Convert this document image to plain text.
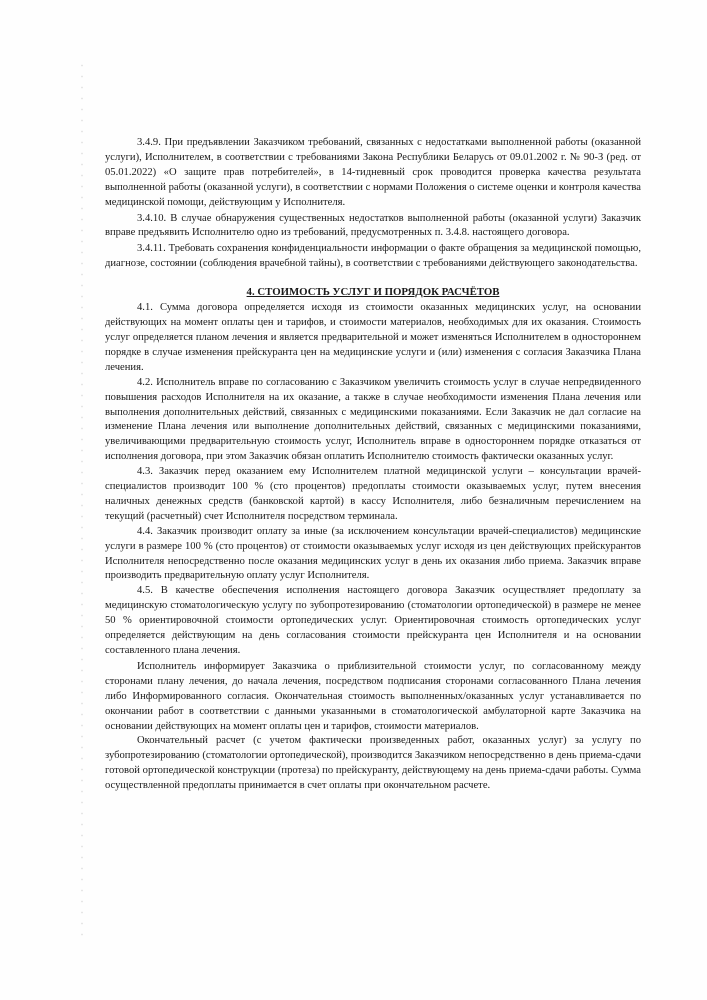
3.4.9. При предъявлении Заказчиком требований, связанных с недостатками выполненной работы (оказанной услуги), Исполнителем, в соответствии с требованиями Закона Республики Беларусь от 09.01.2002 г. № 90-З (ред. от 05.01.2022) «О защите прав потребителей», в 14-тидневный срок проводится проверка качества результата выполненной работы (оказанной услуги), в соответствии с нормами Положения о системе оценки и контроля качества медицинской помощи, действующим у Исполнителя.

3.4.10. В случае обнаружения существенных недостатков выполненной работы (оказанной услуги) Заказчик вправе предъявить Исполнителю одно из требований, предусмотренных п. 3.4.8. настоящего договора.

3.4.11. Требовать сохранения конфиденциальности информации о факте обращения за медицинской помощью, диагнозе, состоянии (соблюдения врачебной тайны), в соответствии с требованиями действующего законодательства.

4. СТОИМОСТЬ УСЛУГ И ПОРЯДОК РАСЧЁТОВ

4.1. Сумма договора определяется исходя из стоимости оказанных медицинских услуг, на основании действующих на момент оплаты цен и тарифов, и стоимости материалов, необходимых для их оказания. Стоимость услуг определяется планом лечения и является предварительной и может изменяться Исполнителем в одностороннем порядке в случае изменения прейскуранта цен на медицинские услуги и (или) изменения с согласия Заказчика Плана лечения.

4.2. Исполнитель вправе по согласованию с Заказчиком увеличить стоимость услуг в случае непредвиденного повышения расходов Исполнителя на их оказание, а также в случае необходимости изменения Плана лечения или выполнения дополнительных действий, связанных с медицинскими показаниями. Если Заказчик не дал согласие на изменение Плана лечения или выполнение дополнительных действий, связанных с медицинскими показаниями, увеличивающими предварительную стоимость услуг, Исполнитель вправе в одностороннем порядке отказаться от исполнения договора, при этом Заказчик обязан оплатить Исполнителю стоимость фактически оказанных услуг.

4.3. Заказчик перед оказанием ему Исполнителем платной медицинской услуги – консультации врачей-специалистов производит 100 % (сто процентов) предоплаты стоимости оказываемых услуг, путем внесения наличных денежных средств (банковской картой) в кассу Исполнителя, либо безналичным перечислением на текущий (расчетный) счет Исполнителя посредством терминала.

4.4. Заказчик производит оплату за иные (за исключением консультации врачей-специалистов) медицинские услуги в размере 100 % (сто процентов) от стоимости оказываемых услуг исходя из цен действующих прейскурантов Исполнителя непосредственно после оказания медицинских услуг в день их оказания либо приема. Заказчик вправе производить предварительную оплату услуг Исполнителя.

4.5. В качестве обеспечения исполнения настоящего договора Заказчик осуществляет предоплату за медицинскую стоматологическую услугу по зубопротезированию (стоматологии ортопедической) в размере не менее 50 % ориентировочной стоимости ортопедических услуг. Ориентировочная стоимость ортопедических услуг определяется действующим на день согласования стоимости прейскуранта цен Исполнителя и на основании составленного плана лечения.

Исполнитель информирует Заказчика о приблизительной стоимости услуг, по согласованному между сторонами плану лечения, до начала лечения, посредством подписания сторонами согласованного Плана лечения либо Информированного согласия. Окончательная стоимость выполненных/оказанных услуг устанавливается по окончании работ в соответствии с данными указанными в стоматологической амбулаторной карте Заказчика на основании действующих на момент оплаты цен и тарифов, стоимости материалов.

Окончательный расчет (с учетом фактически произведенных работ, оказанных услуг) за услугу по зубопротезированию (стоматологии ортопедической), производится Заказчиком непосредственно в день приема-сдачи готовой ортопедической конструкции (протеза) по прейскуранту, действующему на день приема-сдачи работы. Сумма осуществленной предоплаты принимается в счет оплаты при окончательном расчете.
